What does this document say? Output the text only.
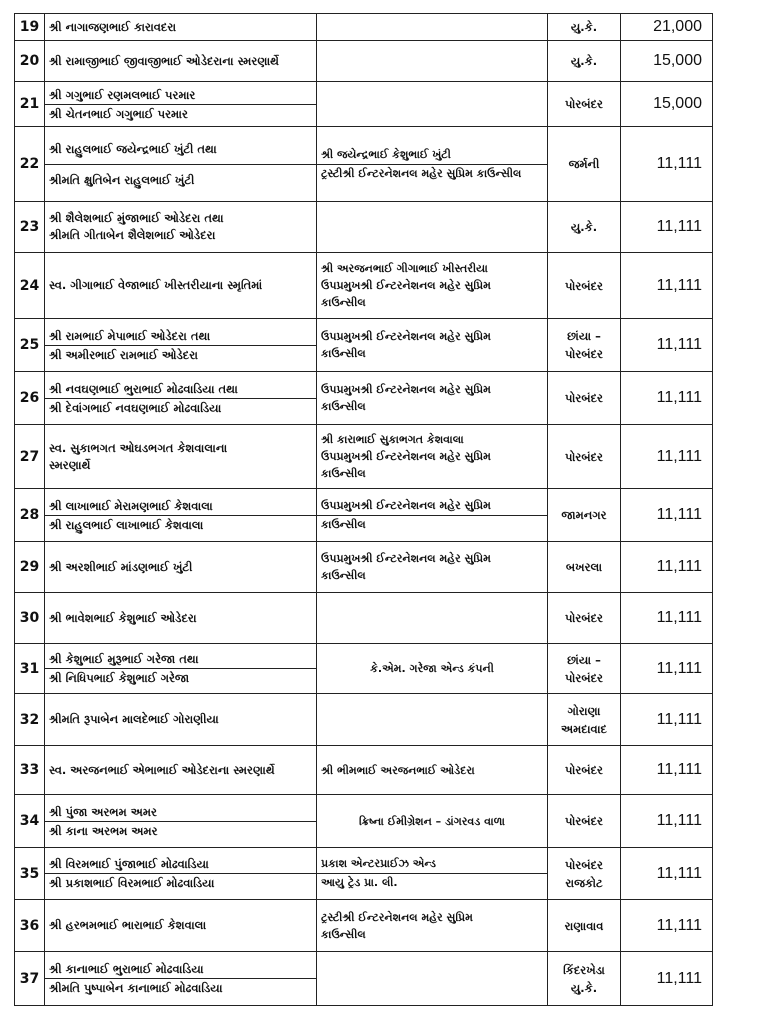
19	શ્રી નાગાજણભાઈ કારાવદરા		યુ.કે.	21,000
20	શ્રી રામાજીભાઈ જીવાજીભાઈ ઓડેદરાના સ્મરણાર્થે		યુ.કે.	15,000
21	શ્રી ગગુભાઈ રણમલભાઈ પરમાર
શ્રી ચેતનભાઈ ગગુભાઈ પરમાર		પોરબંદર	15,000
22	શ્રી રાહુલભાઈ જયેન્દ્રભાઈ ખુંટી તથા
શ્રીમતિ ક્ષુતિબેન રાહુલભાઈ ખુંટી	શ્રી જયેન્દ્રભાઈ કેશુભાઈ ખુંટી
ટ્રસ્ટીશ્રી ઈન્ટરનેશનલ મહેર સુપ્રિમ કાઉન્સીલ	જર્મની	11,111
23	શ્રી શૈલેશભાઈ મુંજાભાઈ ઓડેદરા તથા
શ્રીમતિ ગીતાબેન શૈલેશભાઈ ઓડેદરા		યુ.કે.	11,111
24	સ્વ. ગીગાભાઈ વેજાભાઈ ખીસ્તરીયાના સ્મૃતિમાં	શ્રી અરજનભાઈ ગીગાભાઈ ખીસ્તરીયા
ઉપપ્રમુખશ્રી ઈન્ટરનેશનલ મહેર સુપ્રિમ
કાઉન્સીલ	પોરબંદર	11,111
25	શ્રી રામભાઈ મેપાભાઈ ઓડેદરા તથા
શ્રી અમીરભાઈ રામભાઈ ઓડેદરા	ઉપપ્રમુખશ્રી ઈન્ટરનેશનલ મહેર સુપ્રિમ
કાઉન્સીલ	છાંયા –
પોરબંદર	11,111
26	શ્રી નવઘણભાઈ ભુરાભાઈ મોઢવાડિયા તથા
શ્રી દેવાંગભાઈ નવઘણભાઈ મોઢવાડિયા	ઉપપ્રમુખશ્રી ઈન્ટરનેશનલ મહેર સુપ્રિમ
કાઉન્સીલ	પોરબંદર	11,111
27	સ્વ. સુકાભગત ઓઘડભગત કેશવાલાના
સ્મરણાર્થે	શ્રી કારાભાઈ સુકાભગત કેશવાલા
ઉપપ્રમુખશ્રી ઈન્ટરનેશનલ મહેર સુપ્રિમ
કાઉન્સીલ	પોરબંદર	11,111
28	શ્રી લાખાભાઈ મેરામણભાઈ કેશવાલા
શ્રી રાહુલભાઈ લાખાભાઈ કેશવાલા	ઉપપ્રમુખશ્રી ઈન્ટરનેશનલ મહેર સુપ્રિમ
કાઉન્સીલ	જામનગર	11,111
29	શ્રી અરશીભાઈ માંડણભાઈ ખુંટી	ઉપપ્રમુખશ્રી ઈન્ટરનેશનલ મહેર સુપ્રિમ
કાઉન્સીલ	બખરલા	11,111
30	શ્રી ભાવેશભાઈ કેશુભાઈ ઓડેદરા		પોરબંદર	11,111
31	શ્રી કેશુભાઈ મુરૂભાઈ ગરેજા તથા
શ્રી નિધિપભાઈ કેશુભાઈ ગરેજા	કે.એમ. ગરેજા એન્ડ કંપની	છાંયા –
પોરબંદર	11,111
32	શ્રીમતિ રૂપાબેન માલદેભાઈ ગોરાણીયા		ગોરાણા
અમદાવાદ	11,111
33	સ્વ. અરજનભાઈ એભાભાઈ ઓડેદરાના સ્મરણાર્થે	શ્રી ભીમભાઈ અરજનભાઈ ઓડેદરા	પોરબંદર	11,111
34	શ્રી પુંજા અરભમ અમર
શ્રી કાના અરભમ અમર	ક્રિષ્ના ઈમીગ્રેશન – ડાંગરવડ વાળા	પોરબંદર	11,111
35	શ્રી વિરમભાઈ પુંજાભાઈ મોઢવાડિયા
શ્રી પ્રકાશભાઈ વિરમભાઈ મોઢવાડિયા	પ્રકાશ એન્ટરપ્રાઈઝ એન્ડ
આયુ ટ્રેડ પ્રા. લી.	પોરબંદર
રાજકોટ	11,111
36	શ્રી હરભમભાઈ ભારાભાઈ કેશવાલા	ટ્રસ્ટીશ્રી ઈન્ટરનેશનલ મહેર સુપ્રિમ
કાઉન્સીલ	રાણાવાવ	11,111
37	શ્રી કાનાભાઈ ભુરાભાઈ મોઢવાડિયા
શ્રીમતિ પુષ્પાબેન કાનાભાઈ મોઢવાડિયા		કિંદરખેડા
યુ.કે.	11,111
